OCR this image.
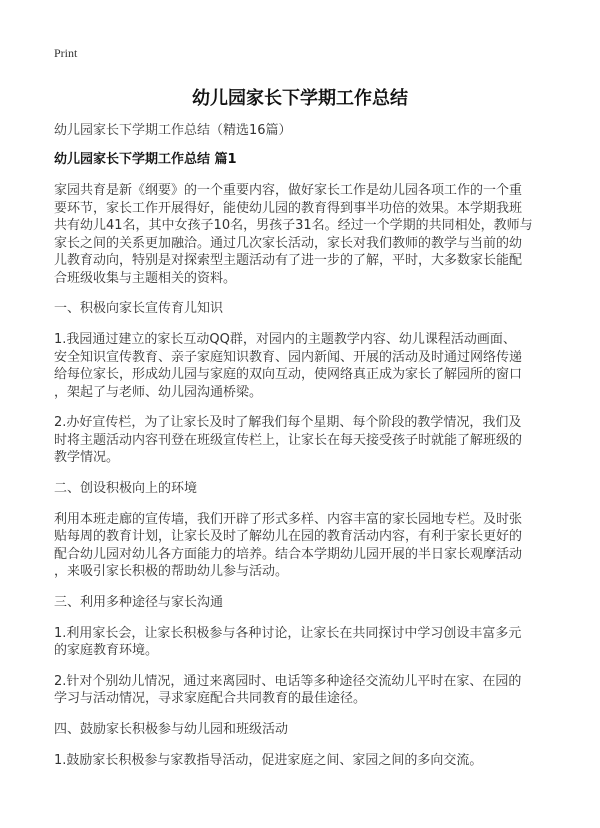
Print
幼儿园家长下学期工作总结
幼儿园家长下学期工作总结（精选16篇）
幼儿园家长下学期工作总结 篇1
家园共育是新《纲要》的一个重要内容，做好家长工作是幼儿园各项工作的一个重
要环节，家长工作开展得好，能使幼儿园的教育得到事半功倍的效果。本学期我班
共有幼儿41名，其中女孩子10名，男孩子31名。经过一个学期的共同相处，教师与
家长之间的关系更加融洽。通过几次家长活动，家长对我们教师的教学与当前的幼
儿教育动向，特别是对探索型主题活动有了进一步的了解，平时，大多数家长能配
合班级收集与主题相关的资料。
一、积极向家长宣传育儿知识
1.我园通过建立的家长互动QQ群，对园内的主题教学内容、幼儿课程活动画面、
安全知识宣传教育、亲子家庭知识教育、园内新闻、开展的活动及时通过网络传递
给每位家长，形成幼儿园与家庭的双向互动，使网络真正成为家长了解园所的窗口
，架起了与老师、幼儿园沟通桥梁。
2.办好宣传栏，为了让家长及时了解我们每个星期、每个阶段的教学情况，我们及
时将主题活动内容刊登在班级宣传栏上，让家长在每天接受孩子时就能了解班级的
教学情况。
二、创设积极向上的环境
利用本班走廊的宣传墙，我们开辟了形式多样、内容丰富的家长园地专栏。及时张
贴每周的教育计划，让家长及时了解幼儿在园的教育活动内容，有利于家长更好的
配合幼儿园对幼儿各方面能力的培养。结合本学期幼儿园开展的半日家长观摩活动
，来吸引家长积极的帮助幼儿参与活动。
三、利用多种途径与家长沟通
1.利用家长会，让家长积极参与各种讨论，让家长在共同探讨中学习创设丰富多元
的家庭教育环境。
2.针对个别幼儿情况，通过来离园时、电话等多种途径交流幼儿平时在家、在园的
学习与活动情况，寻求家庭配合共同教育的最佳途径。
四、鼓励家长积极参与幼儿园和班级活动
1.鼓励家长积极参与家教指导活动，促进家庭之间、家园之间的多向交流。
